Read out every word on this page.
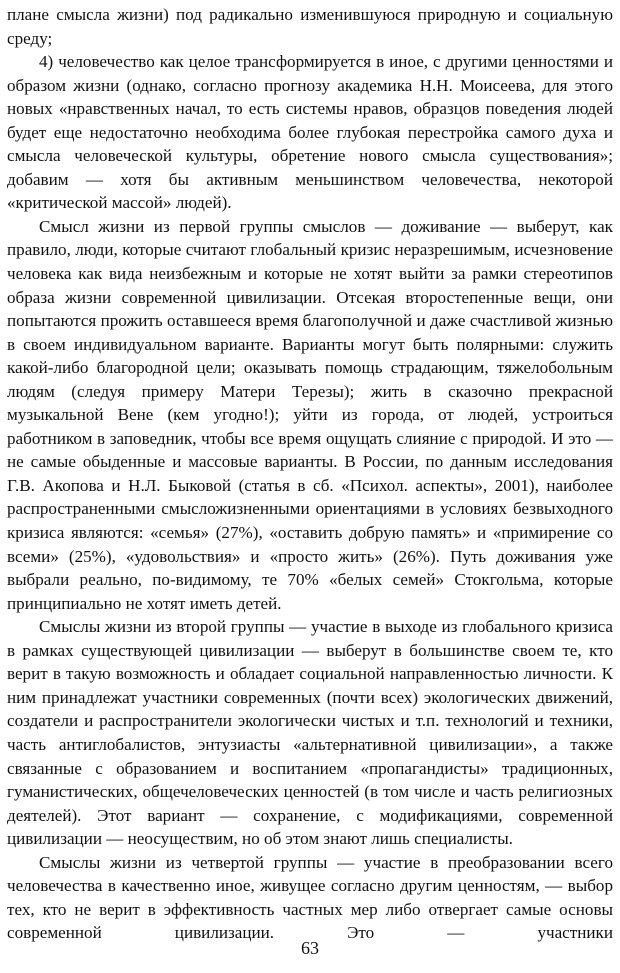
плане смысла жизни) под радикально изменившуюся природную и социальную среду;

4) человечество как целое трансформируется в иное, с другими ценностями и образом жизни (однако, согласно прогнозу академика Н.Н. Моисеева, для этого новых «нравственных начал, то есть системы нравов, образцов поведения людей будет еще недостаточно необходима более глубокая перестройка самого духа и смысла человеческой культуры, обретение нового смысла существования»; добавим — хотя бы активным меньшинством человечества, некоторой «критической массой» людей).

Смысл жизни из первой группы смыслов — доживание — выберут, как правило, люди, которые считают глобальный кризис неразрешимым, исчезновение человека как вида неизбежным и которые не хотят выйти за рамки стереотипов образа жизни современной цивилизации. Отсекая второстепенные вещи, они попытаются прожить оставшееся время благополучной и даже счастливой жизнью в своем индивидуальном варианте. Варианты могут быть полярными: служить какой-либо благородной цели; оказывать помощь страдающим, тяжелобольным людям (следуя примеру Матери Терезы); жить в сказочно прекрасной музыкальной Вене (кем угодно!); уйти из города, от людей, устроиться работником в заповедник, чтобы все время ощущать слияние с природой. И это — не самые обыденные и массовые варианты. В России, по данным исследования Г.В. Акопова и Н.Л. Быковой (статья в сб. «Психол. аспекты», 2001), наиболее распространенными смысложизненными ориентациями в условиях безвыходного кризиса являются: «семья» (27%), «оставить добрую память» и «примирение со всеми» (25%), «удовольствия» и «просто жить» (26%). Путь доживания уже выбрали реально, по-видимому, те 70% «белых семей» Стокгольма, которые принципиально не хотят иметь детей.

Смыслы жизни из второй группы — участие в выходе из глобального кризиса в рамках существующей цивилизации — выберут в большинстве своем те, кто верит в такую возможность и обладает социальной направленностью личности. К ним принадлежат участники современных (почти всех) экологических движений, создатели и распространители экологически чистых и т.п. технологий и техники, часть антиглобалистов, энтузиасты «альтернативной цивилизации», а также связанные с образованием и воспитанием «пропагандисты» традиционных, гуманистических, общечеловеческих ценностей (в том числе и часть религиозных деятелей). Этот вариант — сохранение, с модификациями, современной цивилизации — неосуществим, но об этом знают лишь специалисты.

Смыслы жизни из четвертой группы — участие в преобразовании всего человечества в качественно иное, живущее согласно другим ценностям, — выбор тех, кто не верит в эффективность частных мер либо отвергает самые основы современной цивилизации. Это — участники

63
